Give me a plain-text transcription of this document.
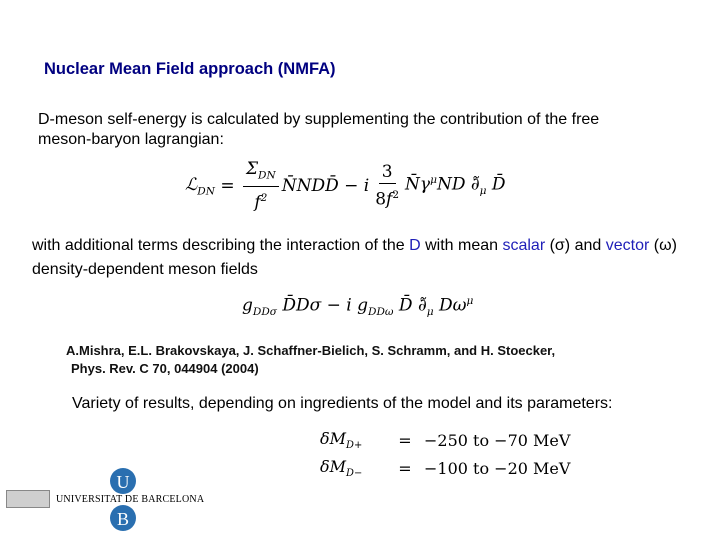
Nuclear Mean Field approach (NMFA)
D-meson self-energy is calculated by supplementing the contribution of the free meson-baryon lagrangian:
ℒ$_{DN}$ = $\frac{\Sigma_{DN}}{f^2}$ N̄NDD̄ − i $\frac{3}{8f^2}$ $N̄\gamma^\mu ND$ $\partial̃_\mu$ D̄
with additional terms describing the interaction of the D with mean scalar (σ) and vector (ω) density-dependent meson fields
$g_{DD\sigma}$ D̄Dσ − i $g_{DD\omega}$ D̄ $\partial̃_\mu$ $D\omega^\mu$
A.Mishra, E.L. Brakovskaya, J. Schaffner-Bielich, S. Schramm, and H. Stoecker,
Phys. Rev. C 70, 044904 (2004)
Variety of results, depending on ingredients of the model and its parameters:
$\delta M_{D+}$	= −250 to −70 MeV
$\delta M_{D-}$	= −100 to −20 MeV
U
B
UNIVERSITAT DE BARCELONA
